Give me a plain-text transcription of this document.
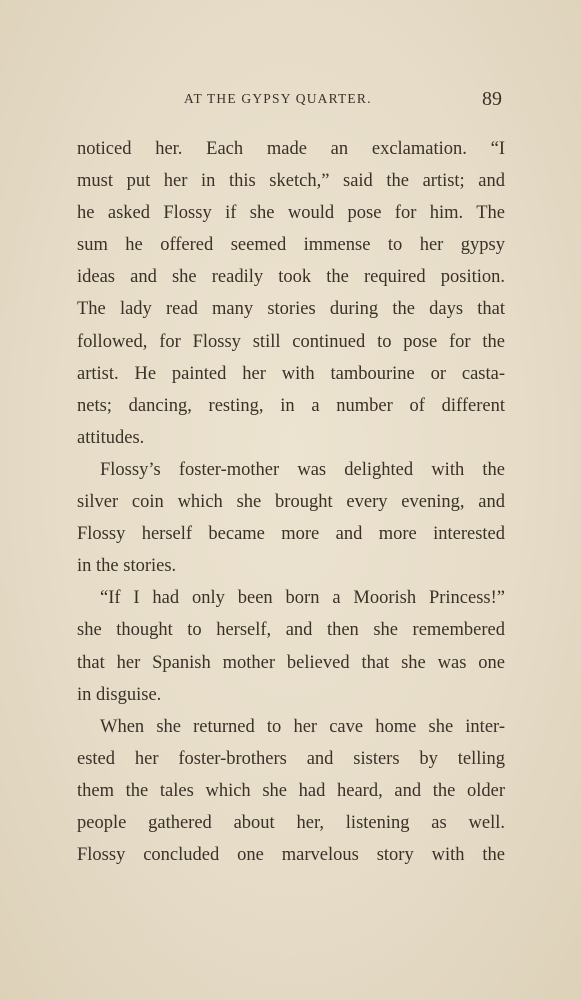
AT THE GYPSY QUARTER.	89
noticed her. Each made an exclamation. “I
must put her in this sketch,” said the artist; and
he asked Flossy if she would pose for him. The
sum he offered seemed immense to her gypsy
ideas and she readily took the required position.
The lady read many stories during the days that
followed, for Flossy still continued to pose for the
artist. He painted her with tambourine or casta-
nets; dancing, resting, in a number of different
attitudes.
Flossy’s foster-mother was delighted with the
silver coin which she brought every evening, and
Flossy herself became more and more interested
in the stories.
“If I had only been born a Moorish Princess!”
she thought to herself, and then she remembered
that her Spanish mother believed that she was one
in disguise.
When she returned to her cave home she inter-
ested her foster-brothers and sisters by telling
them the tales which she had heard, and the older
people gathered about her, listening as well.
Flossy concluded one marvelous story with the
